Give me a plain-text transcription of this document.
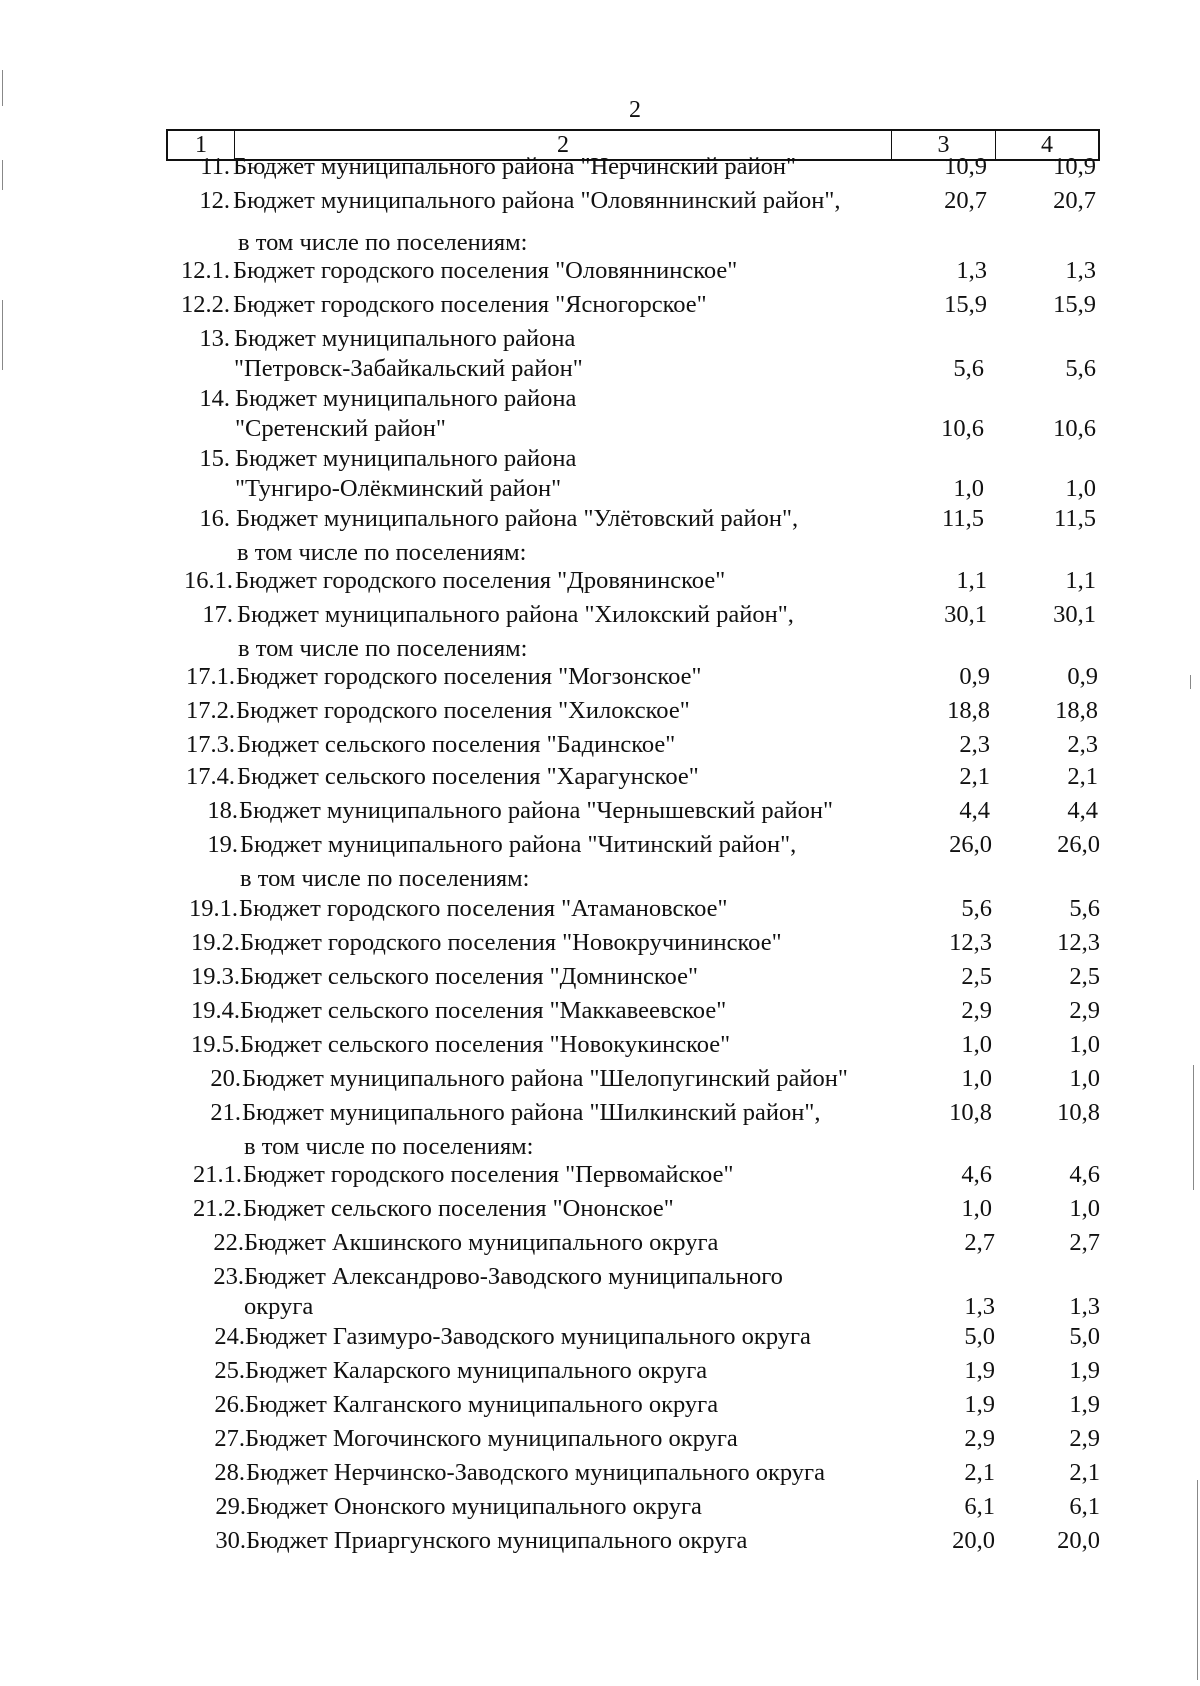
2
1	2	3	4
11. Бюджет муниципального района "Нерчинский район"	10,9	10,9
12. Бюджет муниципального района "Оловяннинский район",	20,7	20,7
в том числе по поселениям:
12.1. Бюджет городского поселения "Оловяннинское"	1,3	1,3
12.2. Бюджет городского поселения "Ясногорское"	15,9	15,9
13. Бюджет муниципального района
"Петровск-Забайкальский район"	5,6	5,6
14. Бюджет муниципального района
"Сретенский район"	10,6	10,6
15. Бюджет муниципального района
"Тунгиро-Олёкминский район"	1,0	1,0
16. Бюджет муниципального района "Улётовский район",	11,5	11,5
в том числе по поселениям:
16.1. Бюджет городского поселения "Дровянинское"	1,1	1,1
17. Бюджет муниципального района "Хилокский район",	30,1	30,1
в том числе по поселениям:
17.1. Бюджет городского поселения "Могзонское"	0,9	0,9
17.2. Бюджет городского поселения "Хилокское"	18,8	18,8
17.3. Бюджет сельского поселения "Бадинское"	2,3	2,3
17.4. Бюджет сельского поселения "Харагунское"	2,1	2,1
18. Бюджет муниципального района "Чернышевский район"	4,4	4,4
19. Бюджет муниципального района "Читинский район",	26,0	26,0
в том числе по поселениям:
19.1. Бюджет городского поселения "Атамановское"	5,6	5,6
19.2. Бюджет городского поселения "Новокручининское"	12,3	12,3
19.3. Бюджет сельского поселения "Домнинское"	2,5	2,5
19.4. Бюджет сельского поселения "Маккавеевское"	2,9	2,9
19.5. Бюджет сельского поселения "Новокукинское"	1,0	1,0
20. Бюджет муниципального района "Шелопугинский район"	1,0	1,0
21. Бюджет муниципального района "Шилкинский район",	10,8	10,8
в том числе по поселениям:
21.1. Бюджет городского поселения "Первомайское"	4,6	4,6
21.2. Бюджет сельского поселения "Ононское"	1,0	1,0
22. Бюджет Акшинского муниципального округа	2,7	2,7
23. Бюджет Александрово-Заводского муниципального
округа	1,3	1,3
24. Бюджет Газимуро-Заводского муниципального округа	5,0	5,0
25. Бюджет Каларского муниципального округа	1,9	1,9
26. Бюджет Калганского муниципального округа	1,9	1,9
27. Бюджет Могочинского муниципального округа	2,9	2,9
28. Бюджет Нерчинско-Заводского муниципального округа	2,1	2,1
29. Бюджет Ононского муниципального округа	6,1	6,1
30. Бюджет Приаргунского муниципального округа	20,0	20,0
